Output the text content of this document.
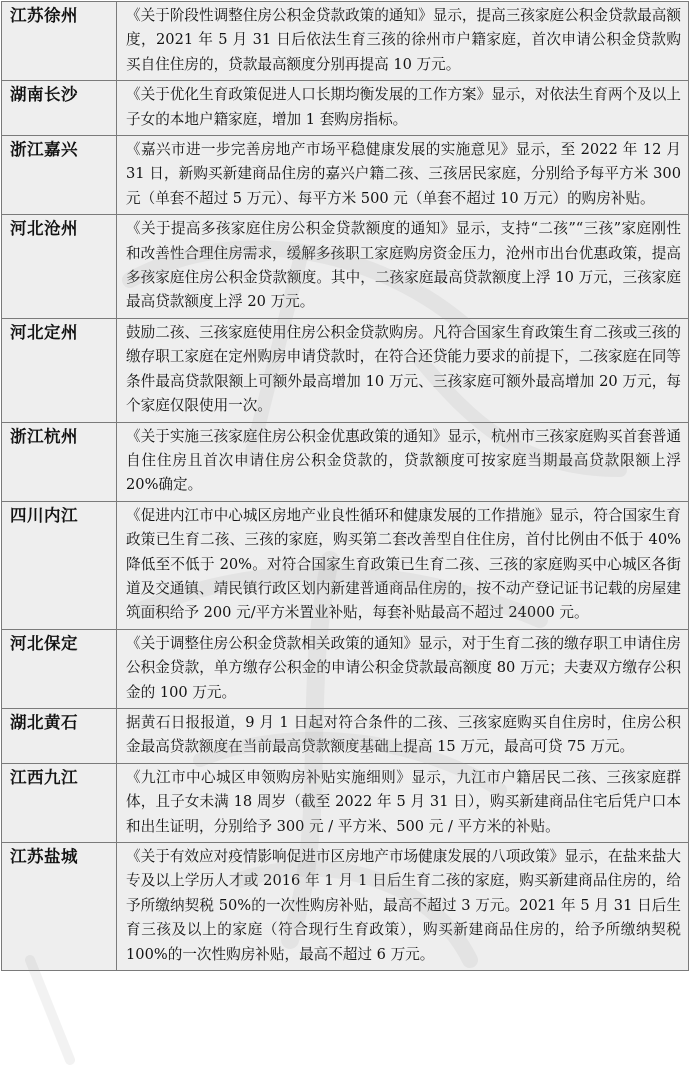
江苏徐州	《关于阶段性调整住房公积金贷款政策的通知》显示，提高三孩家庭公积金贷款最高额度，2021 年 5 月 31 日后依法生育三孩的徐州市户籍家庭，首次申请公积金贷款购买自住住房的，贷款最高额度分别再提高 10 万元。
湖南长沙	《关于优化生育政策促进人口长期均衡发展的工作方案》显示，对依法生育两个及以上子女的本地户籍家庭，增加 1 套购房指标。
浙江嘉兴	《嘉兴市进一步完善房地产市场平稳健康发展的实施意见》显示，至 2022 年 12 月 31 日，新购买新建商品住房的嘉兴户籍二孩、三孩居民家庭，分别给予每平方米 300 元（单套不超过 5 万元）、每平方米 500 元（单套不超过 10 万元）的购房补贴。
河北沧州	《关于提高多孩家庭住房公积金贷款额度的通知》显示，支持“二孩”“三孩”家庭刚性和改善性合理住房需求，缓解多孩职工家庭购房资金压力，沧州市出台优惠政策，提高多孩家庭住房公积金贷款额度。其中，二孩家庭最高贷款额度上浮 10 万元，三孩家庭最高贷款额度上浮 20 万元。
河北定州	鼓励二孩、三孩家庭使用住房公积金贷款购房。凡符合国家生育政策生育二孩或三孩的缴存职工家庭在定州购房申请贷款时，在符合还贷能力要求的前提下，二孩家庭在同等条件最高贷款限额上可额外最高增加 10 万元、三孩家庭可额外最高增加 20 万元，每个家庭仅限使用一次。
浙江杭州	《关于实施三孩家庭住房公积金优惠政策的通知》显示，杭州市三孩家庭购买首套普通自住住房且首次申请住房公积金贷款的，贷款额度可按家庭当期最高贷款限额上浮 20%确定。
四川内江	《促进内江市中心城区房地产业良性循环和健康发展的工作措施》显示，符合国家生育政策已生育二孩、三孩的家庭，购买第二套改善型自住住房，首付比例由不低于 40%降低至不低于 20%。对符合国家生育政策已生育二孩、三孩的家庭购买中心城区各街道及交通镇、靖民镇行政区划内新建普通商品住房的，按不动产登记证书记载的房屋建筑面积给予 200 元/平方米置业补贴，每套补贴最高不超过 24000 元。
河北保定	《关于调整住房公积金贷款相关政策的通知》显示，对于生育二孩的缴存职工申请住房公积金贷款，单方缴存公积金的申请公积金贷款最高额度 80 万元；夫妻双方缴存公积金的 100 万元。
湖北黄石	据黄石日报报道，9 月 1 日起对符合条件的二孩、三孩家庭购买自住房时，住房公积金最高贷款额度在当前最高贷款额度基础上提高 15 万元，最高可贷 75 万元。
江西九江	《九江市中心城区申领购房补贴实施细则》显示，九江市户籍居民二孩、三孩家庭群体，且子女未满 18 周岁（截至 2022 年 5 月 31 日），购买新建商品住宅后凭户口本和出生证明，分别给予 300 元 / 平方米、500 元 / 平方米的补贴。
江苏盐城	《关于有效应对疫情影响促进市区房地产市场健康发展的八项政策》显示，在盐来盐大专及以上学历人才或 2016 年 1 月 1 日后生育二孩的家庭，购买新建商品住房的，给予所缴纳契税 50%的一次性购房补贴，最高不超过 3 万元。2021 年 5 月 31 日后生育三孩及以上的家庭（符合现行生育政策），购买新建商品住房的，给予所缴纳契税 100%的一次性购房补贴，最高不超过 6 万元。
